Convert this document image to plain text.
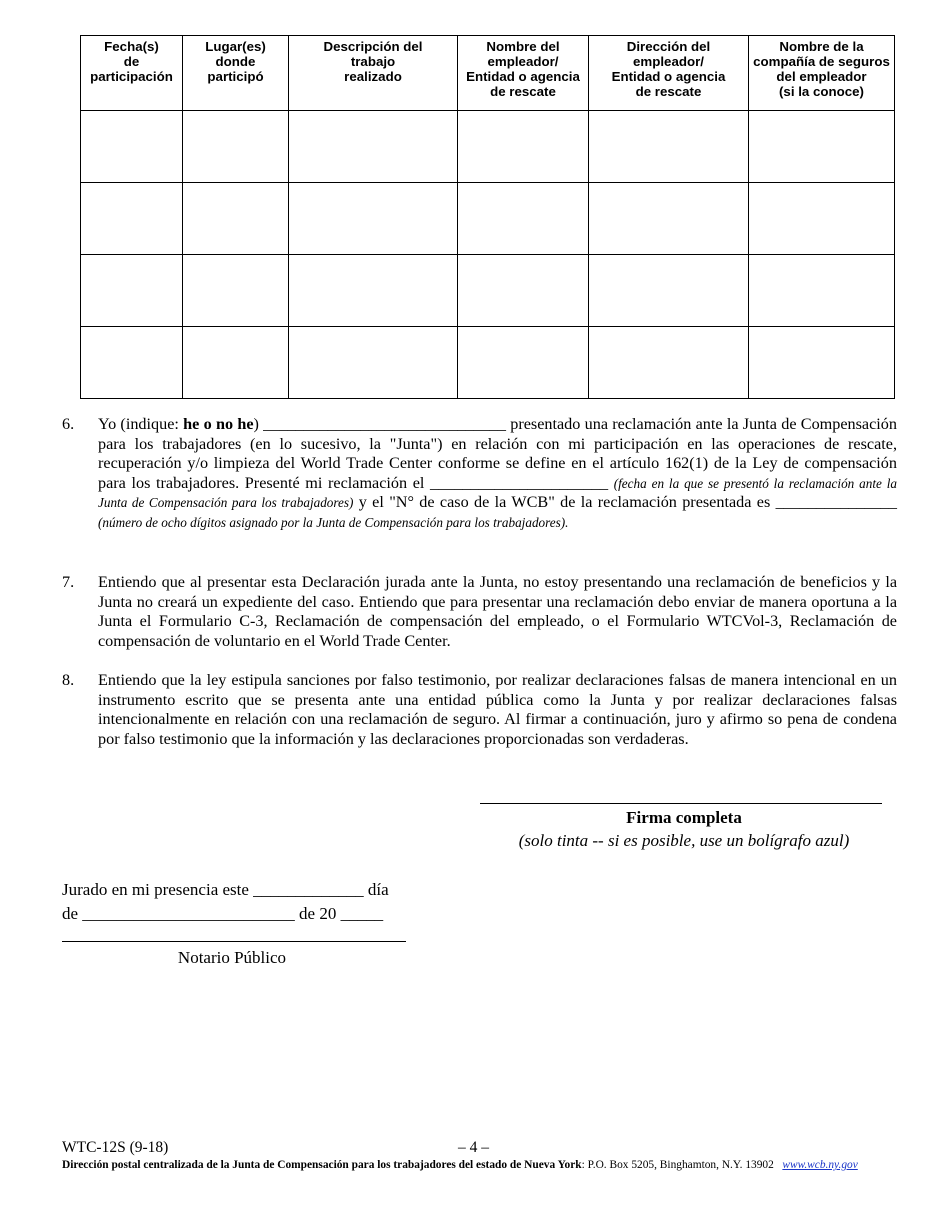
Fecha(s)
de
participación	Lugar(es)
donde
participó	Descripción del
trabajo
realizado	Nombre del
empleador/
Entidad o agencia
de rescate	Dirección del
empleador/
Entidad o agencia
de rescate	Nombre de la
compañía de seguros
del empleador
(si la conoce)

6. Yo (indique: he o no he) ______________________________ presentado una reclamación ante la Junta de Compensación para los trabajadores (en lo sucesivo, la "Junta") en relación con mi participación en las operaciones de rescate, recuperación y/o limpieza del World Trade Center conforme se define en el artículo 162(1) de la Ley de compensación para los trabajadores. Presenté mi reclamación el ______________________ (fecha en la que se presentó la reclamación ante la Junta de Compensación para los trabajadores) y el "N° de caso de la WCB" de la reclamación presentada es _______________ (número de ocho dígitos asignado por la Junta de Compensación para los trabajadores).
7. Entiendo que al presentar esta Declaración jurada ante la Junta, no estoy presentando una reclamación de beneficios y la Junta no creará un expediente del caso. Entiendo que para presentar una reclamación debo enviar de manera oportuna a la Junta el Formulario C-3, Reclamación de compensación del empleado, o el Formulario WTCVol-3, Reclamación de compensación de voluntario en el World Trade Center.
8. Entiendo que la ley estipula sanciones por falso testimonio, por realizar declaraciones falsas de manera intencional en un instrumento escrito que se presenta ante una entidad pública como la Junta y por realizar declaraciones falsas intencionalmente en relación con una reclamación de seguro. Al firmar a continuación, juro y afirmo so pena de condena por falso testimonio que la información y las declaraciones proporcionadas son verdaderas.
Firma completa
(solo tinta -- si es posible, use un bolígrafo azul)
Jurado en mi presencia este _____________ día
de _________________________ de 20 _____
Notario Público
WTC-12S (9-18)	– 4 –
Dirección postal centralizada de la Junta de Compensación para los trabajadores del estado de Nueva York: P.O. Box 5205, Binghamton, N.Y. 13902 www.wcb.ny.gov
